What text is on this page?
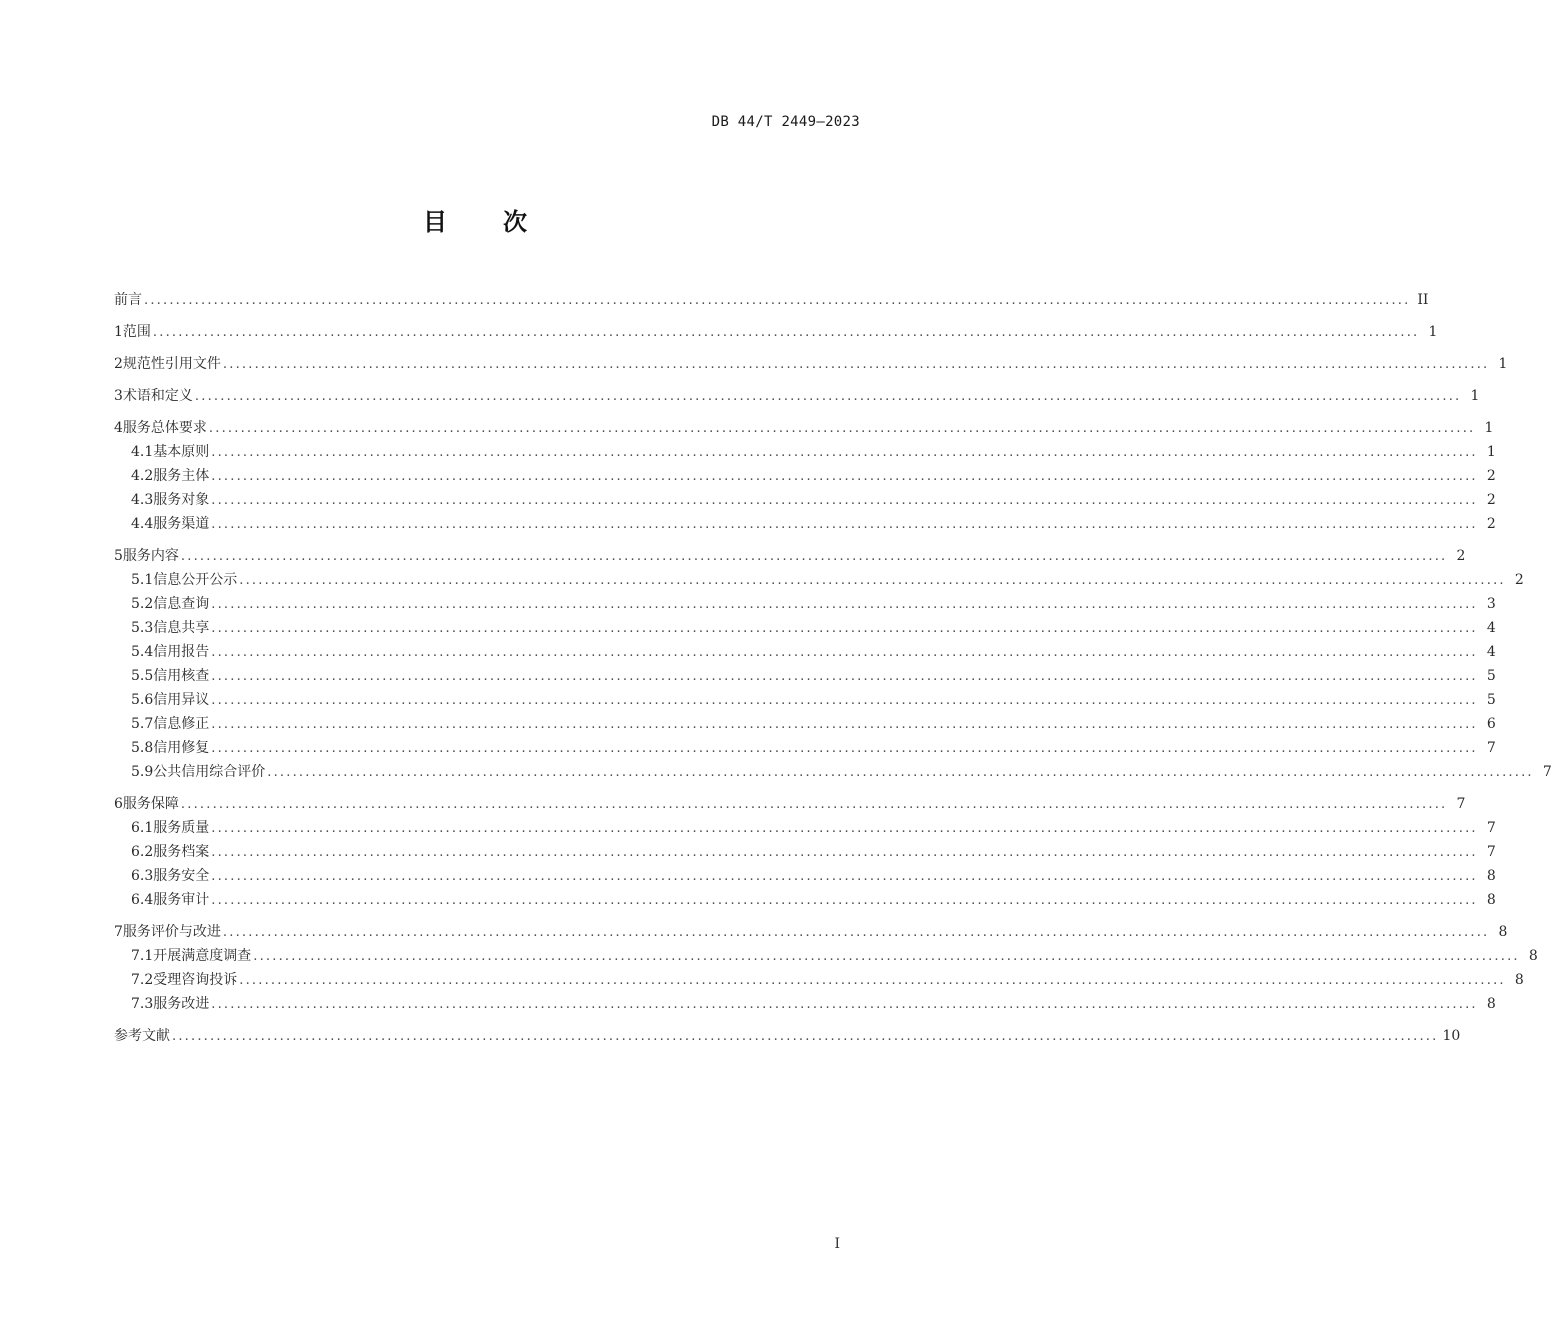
DB 44/T 2449—2023
目次
前言 ........................................................................................................................................................................................................ II
1 范围 ........................................................................................................................................................................................................ 1
2 规范性引用文件 ........................................................................................................................................................................................................ 1
3 术语和定义 ........................................................................................................................................................................................................ 1
4 服务总体要求 ........................................................................................................................................................................................................ 1
4.1 基本原则 ........................................................................................................................................................................................................ 1
4.2 服务主体 ........................................................................................................................................................................................................ 2
4.3 服务对象 ........................................................................................................................................................................................................ 2
4.4 服务渠道 ........................................................................................................................................................................................................ 2
5 服务内容 ........................................................................................................................................................................................................ 2
5.1 信息公开公示 ........................................................................................................................................................................................................ 2
5.2 信息查询 ........................................................................................................................................................................................................ 3
5.3 信息共享 ........................................................................................................................................................................................................ 4
5.4 信用报告 ........................................................................................................................................................................................................ 4
5.5 信用核查 ........................................................................................................................................................................................................ 5
5.6 信用异议 ........................................................................................................................................................................................................ 5
5.7 信息修正 ........................................................................................................................................................................................................ 6
5.8 信用修复 ........................................................................................................................................................................................................ 7
5.9 公共信用综合评价 ........................................................................................................................................................................................................ 7
6 服务保障 ........................................................................................................................................................................................................ 7
6.1 服务质量 ........................................................................................................................................................................................................ 7
6.2 服务档案 ........................................................................................................................................................................................................ 7
6.3 服务安全 ........................................................................................................................................................................................................ 8
6.4 服务审计 ........................................................................................................................................................................................................ 8
7 服务评价与改进 ........................................................................................................................................................................................................ 8
7.1 开展满意度调查 ........................................................................................................................................................................................................ 8
7.2 受理咨询投诉 ........................................................................................................................................................................................................ 8
7.3 服务改进 ........................................................................................................................................................................................................ 8
参考文献 ........................................................................................................................................................................................................ 10
I
